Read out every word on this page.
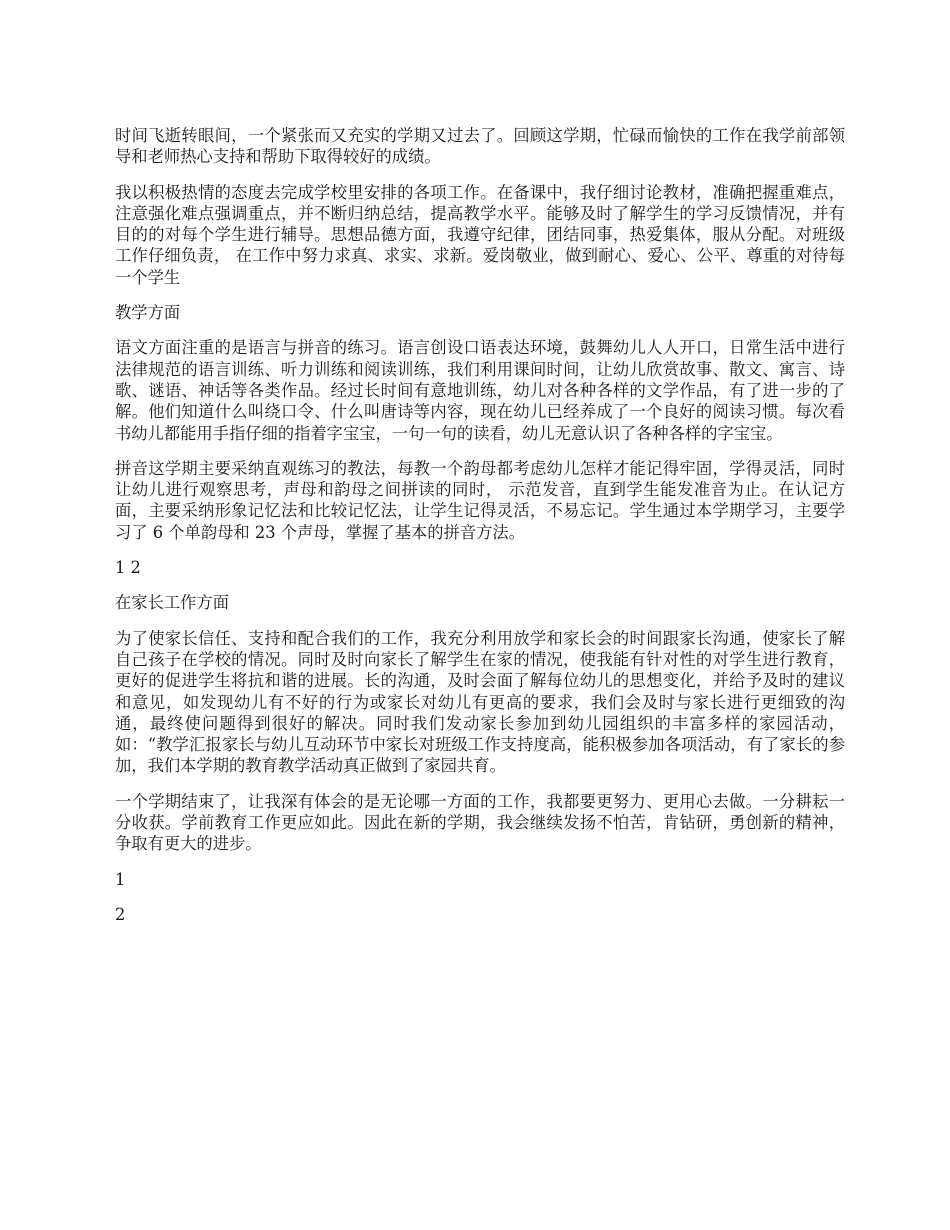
时间飞逝转眼间，一个紧张而又充实的学期又过去了。回顾这学期，忙碌而愉快的工作在我学前部领导和老师热心支持和帮助下取得较好的成绩。

我以积极热情的态度去完成学校里安排的各项工作。在备课中，我仔细讨论教材，准确把握重难点，注意强化难点强调重点，并不断归纳总结，提高教学水平。能够及时了解学生的学习反馈情况，并有目的的对每个学生进行辅导。思想品德方面，我遵守纪律，团结同事，热爱集体，服从分配。对班级工作仔细负责， 在工作中努力求真、求实、求新。爱岗敬业，做到耐心、爱心、公平、尊重的对待每一个学生

教学方面

语文方面注重的是语言与拼音的练习。语言创设口语表达环境，鼓舞幼儿人人开口，日常生活中进行法律规范的语言训练、听力训练和阅读训练，我们利用课间时间，让幼儿欣赏故事、散文、寓言、诗歌、谜语、神话等各类作品。经过长时间有意地训练，幼儿对各种各样的文学作品，有了进一步的了解。他们知道什么叫绕口令、什么叫唐诗等内容，现在幼儿已经养成了一个良好的阅读习惯。每次看书幼儿都能用手指仔细的指着字宝宝，一句一句的读看，幼儿无意认识了各种各样的字宝宝。

拼音这学期主要采纳直观练习的教法，每教一个韵母都考虑幼儿怎样才能记得牢固，学得灵活，同时让幼儿进行观察思考，声母和韵母之间拼读的同时， 示范发音，直到学生能发准音为止。在认记方面，主要采纳形象记忆法和比较记忆法，让学生记得灵活，不易忘记。学生通过本学期学习，主要学习了 6 个单韵母和 23 个声母，掌握了基本的拼音方法。

1 2

在家长工作方面

为了使家长信任、支持和配合我们的工作，我充分利用放学和家长会的时间跟家长沟通，使家长了解自己孩子在学校的情况。同时及时向家长了解学生在家的情况，使我能有针对性的对学生进行教育，更好的促进学生将抗和谐的进展。长的沟通，及时会面了解每位幼儿的思想变化，并给予及时的建议和意见，如发现幼儿有不好的行为或家长对幼儿有更高的要求，我们会及时与家长进行更细致的沟通，最终使问题得到很好的解决。同时我们发动家长参加到幼儿园组织的丰富多样的家园活动，如：“教学汇报家长与幼儿互动环节中家长对班级工作支持度高，能积极参加各项活动，有了家长的参加，我们本学期的教育教学活动真正做到了家园共育。

一个学期结束了，让我深有体会的是无论哪一方面的工作，我都要更努力、更用心去做。一分耕耘一分收获。学前教育工作更应如此。因此在新的学期，我会继续发扬不怕苦，肯钻研，勇创新的精神，争取有更大的进步。

1

2
